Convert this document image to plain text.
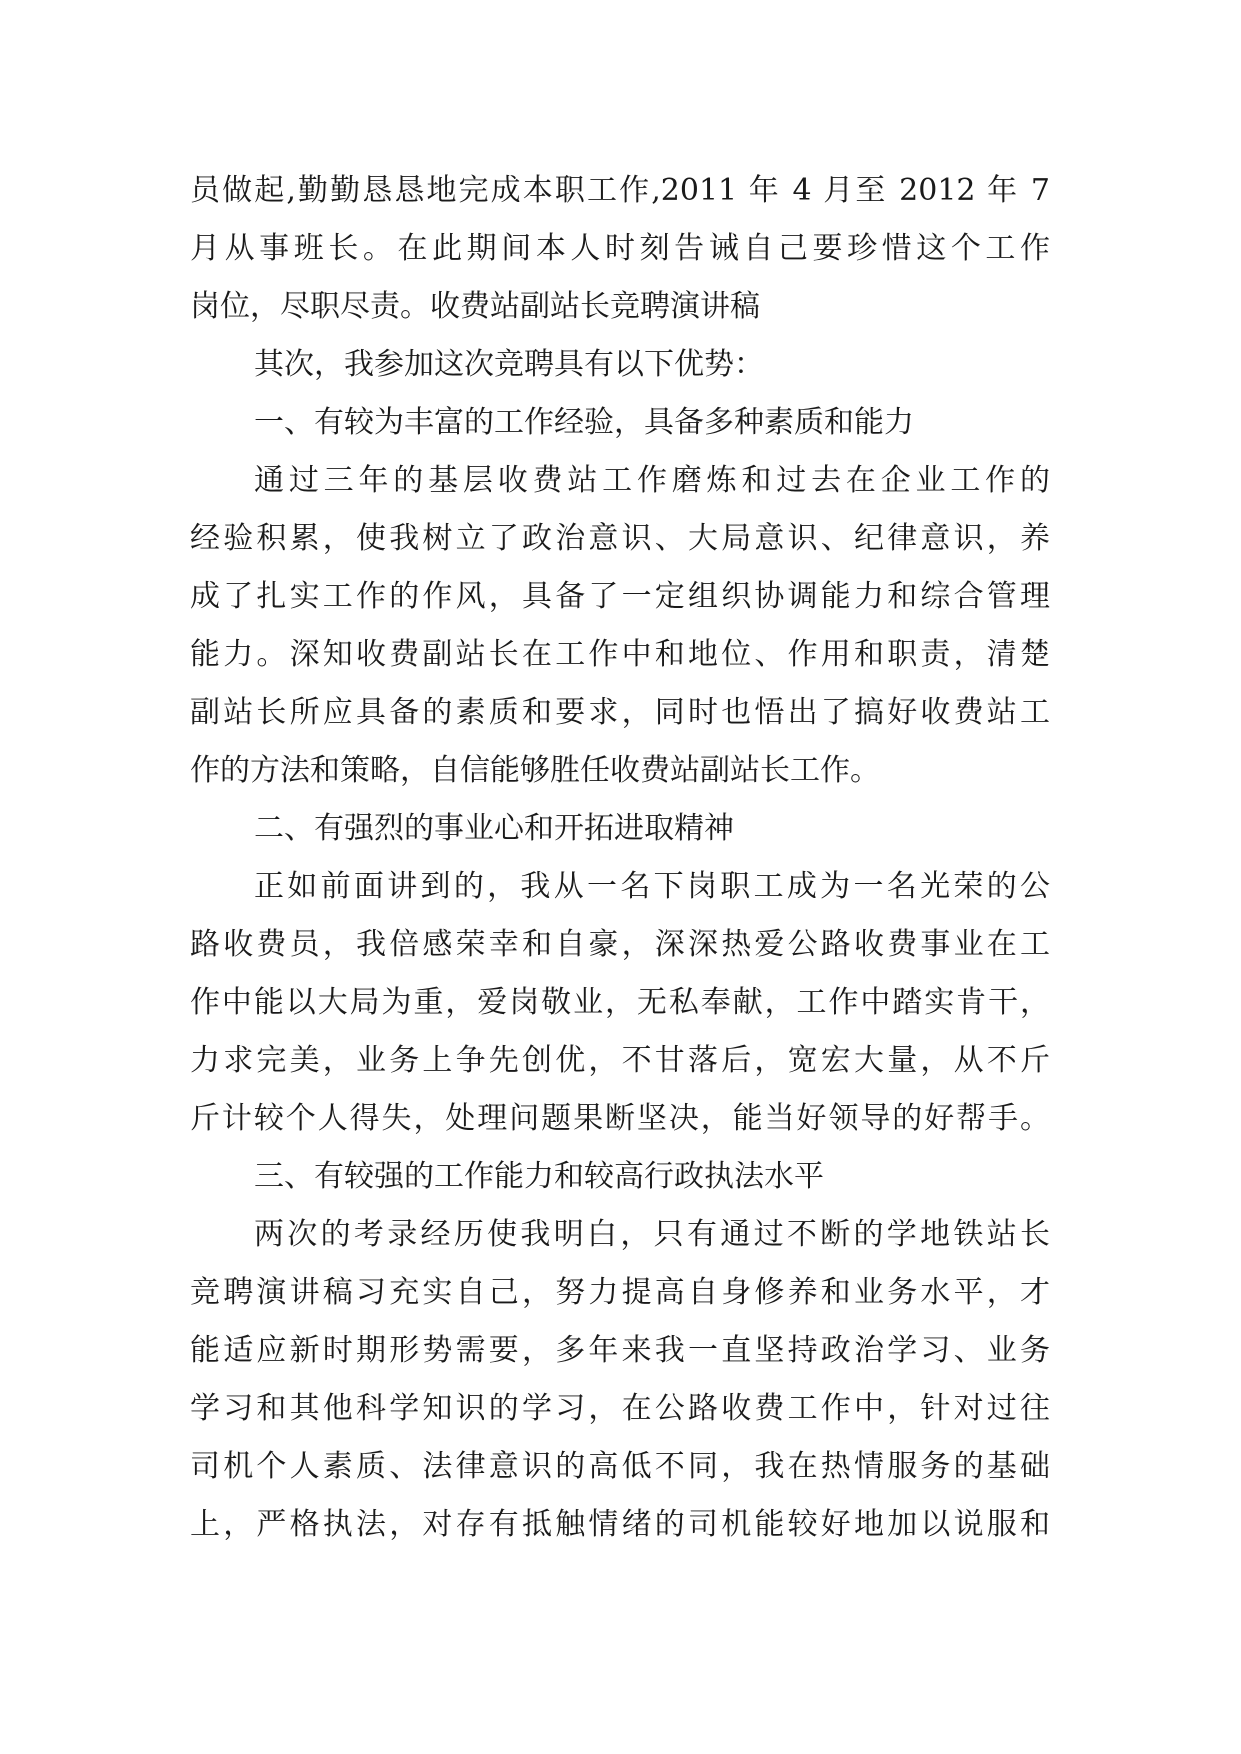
员做起,勤勤恳恳地完成本职工作,2011 年 4 月至 2012 年 7
月从事班长。在此期间本人时刻告诫自己要珍惜这个工作
岗位，尽职尽责。收费站副站长竞聘演讲稿
其次，我参加这次竞聘具有以下优势：
一、有较为丰富的工作经验，具备多种素质和能力
通过三年的基层收费站工作磨炼和过去在企业工作的
经验积累，使我树立了政治意识、大局意识、纪律意识，养
成了扎实工作的作风，具备了一定组织协调能力和综合管理
能力。深知收费副站长在工作中和地位、作用和职责，清楚
副站长所应具备的素质和要求，同时也悟出了搞好收费站工
作的方法和策略，自信能够胜任收费站副站长工作。
二、有强烈的事业心和开拓进取精神
正如前面讲到的，我从一名下岗职工成为一名光荣的公
路收费员，我倍感荣幸和自豪，深深热爱公路收费事业在工
作中能以大局为重，爱岗敬业，无私奉献，工作中踏实肯干，
力求完美，业务上争先创优，不甘落后，宽宏大量，从不斤
斤计较个人得失，处理问题果断坚决，能当好领导的好帮手。
三、有较强的工作能力和较高行政执法水平
两次的考录经历使我明白，只有通过不断的学地铁站长
竞聘演讲稿习充实自己，努力提高自身修养和业务水平，才
能适应新时期形势需要，多年来我一直坚持政治学习、业务
学习和其他科学知识的学习，在公路收费工作中，针对过往
司机个人素质、法律意识的高低不同，我在热情服务的基础
上，严格执法，对存有抵触情绪的司机能较好地加以说服和
